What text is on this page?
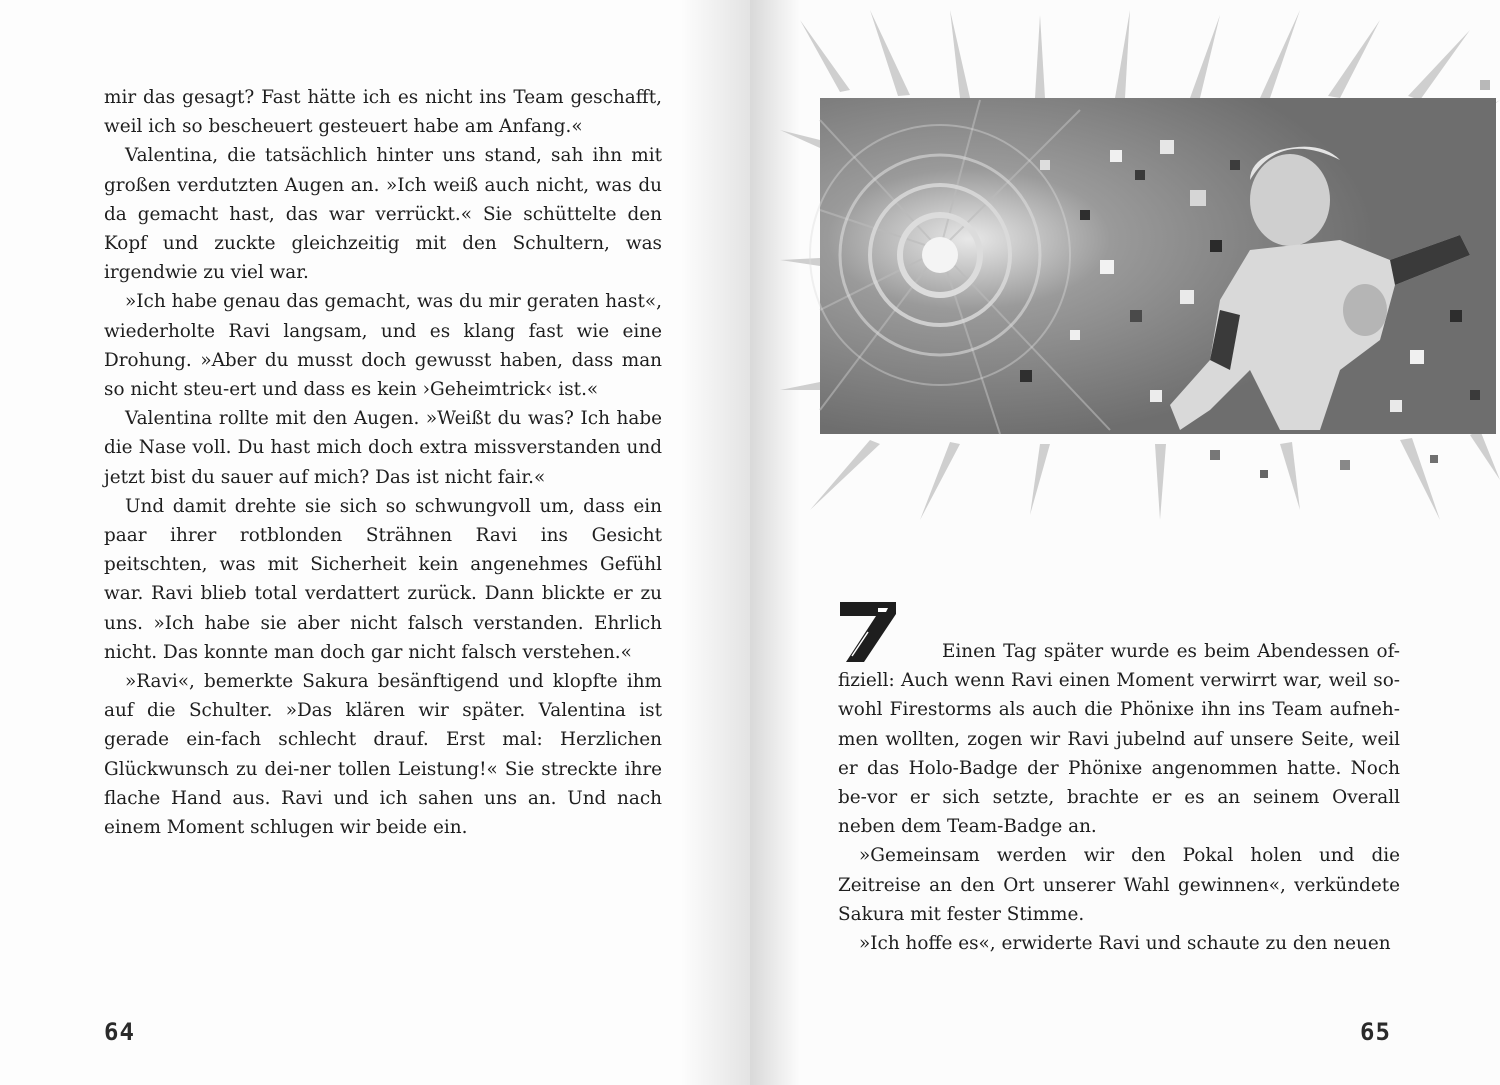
mir das gesagt? Fast hätte ich es nicht ins Team geschafft, weil ich so bescheuert gesteuert habe am Anfang.«

Valentina, die tatsächlich hinter uns stand, sah ihn mit großen verdutzten Augen an. »Ich weiß auch nicht, was du da gemacht hast, das war verrückt.« Sie schüttelte den Kopf und zuckte gleichzeitig mit den Schultern, was irgendwie zu viel war.

»Ich habe genau das gemacht, was du mir geraten hast«, wiederholte Ravi langsam, und es klang fast wie eine Drohung. »Aber du musst doch gewusst haben, dass man so nicht steu-ert und dass es kein ›Geheimtrick‹ ist.«

Valentina rollte mit den Augen. »Weißt du was? Ich habe die Nase voll. Du hast mich doch extra missverstanden und jetzt bist du sauer auf mich? Das ist nicht fair.«

Und damit drehte sie sich so schwungvoll um, dass ein paar ihrer rotblonden Strähnen Ravi ins Gesicht peitschten, was mit Sicherheit kein angenehmes Gefühl war. Ravi blieb total verdattert zurück. Dann blickte er zu uns. »Ich habe sie aber nicht falsch verstanden. Ehrlich nicht. Das konnte man doch gar nicht falsch verstehen.«

»Ravi«, bemerkte Sakura besänftigend und klopfte ihm auf die Schulter. »Das klären wir später. Valentina ist gerade ein-fach schlecht drauf. Erst mal: Herzlichen Glückwunsch zu dei-ner tollen Leistung!« Sie streckte ihre flache Hand aus. Ravi und ich sahen uns an. Und nach einem Moment schlugen wir beide ein.

64

Einen Tag später wurde es beim Abendessen of-fiziell: Auch wenn Ravi einen Moment verwirrt war, weil so-wohl Firestorms als auch die Phönixe ihn ins Team aufneh-men wollten, zogen wir Ravi jubelnd auf unsere Seite, weil er das Holo-Badge der Phönixe angenommen hatte. Noch be-vor er sich setzte, brachte er es an seinem Overall neben dem Team-Badge an.

»Gemeinsam werden wir den Pokal holen und die Zeitreise an den Ort unserer Wahl gewinnen«, verkündete Sakura mit fester Stimme.

»Ich hoffe es«, erwiderte Ravi und schaute zu den neuen

65
